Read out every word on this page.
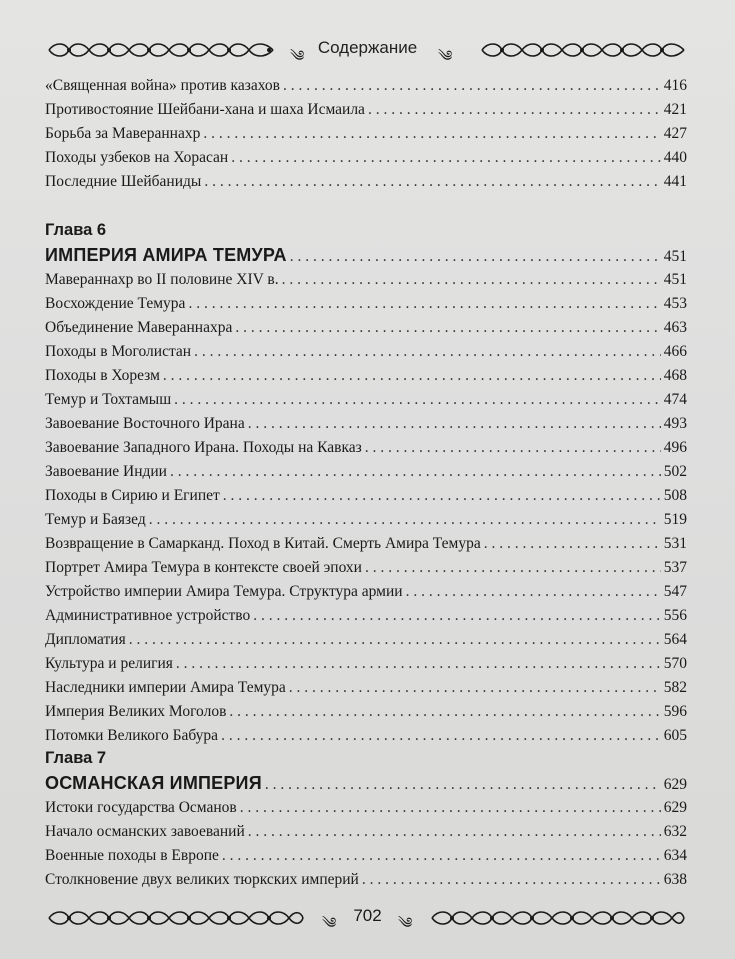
༄ Содержание	༄
«Священная война» против казахов . . .	416
Противостояние Шейбани-хана и шаха Исмаила . . .	421
Борьба за Мавераннахр . . .	427
Походы узбеков на Хорасан . . .	440
Последние Шейбаниды . . .	441
Глава 6
ИМПЕРИЯ АМИРА ТЕМУРА . . .	451
Мавераннахр во II половине XIV в. . . .	451
Восхождение Темура . . .	453
Объединение Мавераннахра . . .	463
Походы в Моголистан . . .	466
Походы в Хорезм . . .	468
Темур и Тохтамыш . . .	474
Завоевание Восточного Ирана . . .	493
Завоевание Западного Ирана. Походы на Кавказ . . .	496
Завоевание Индии . . .	502
Походы в Сирию и Египет . . .	508
Темур и Баязед . . .	519
Возвращение в Самарканд. Поход в Китай. Смерть Амира Темура . . .	531
Портрет Амира Темура в контексте своей эпохи . . .	537
Устройство империи Амира Темура. Структура армии . . .	547
Административное устройство . . .	556
Дипломатия . . .	564
Культура и религия . . .	570
Наследники империи Амира Темура . . .	582
Империя Великих Моголов . . .	596
Потомки Великого Бабура . . .	605
Глава 7
ОСМАНСКАЯ ИМПЕРИЯ . . .	629
Истоки государства Османов . . .	629
Начало османских завоеваний . . .	632
Военные походы в Европе . . .	634
Столкновение двух великих тюркских империй . . .	638
༄ 702	༄
